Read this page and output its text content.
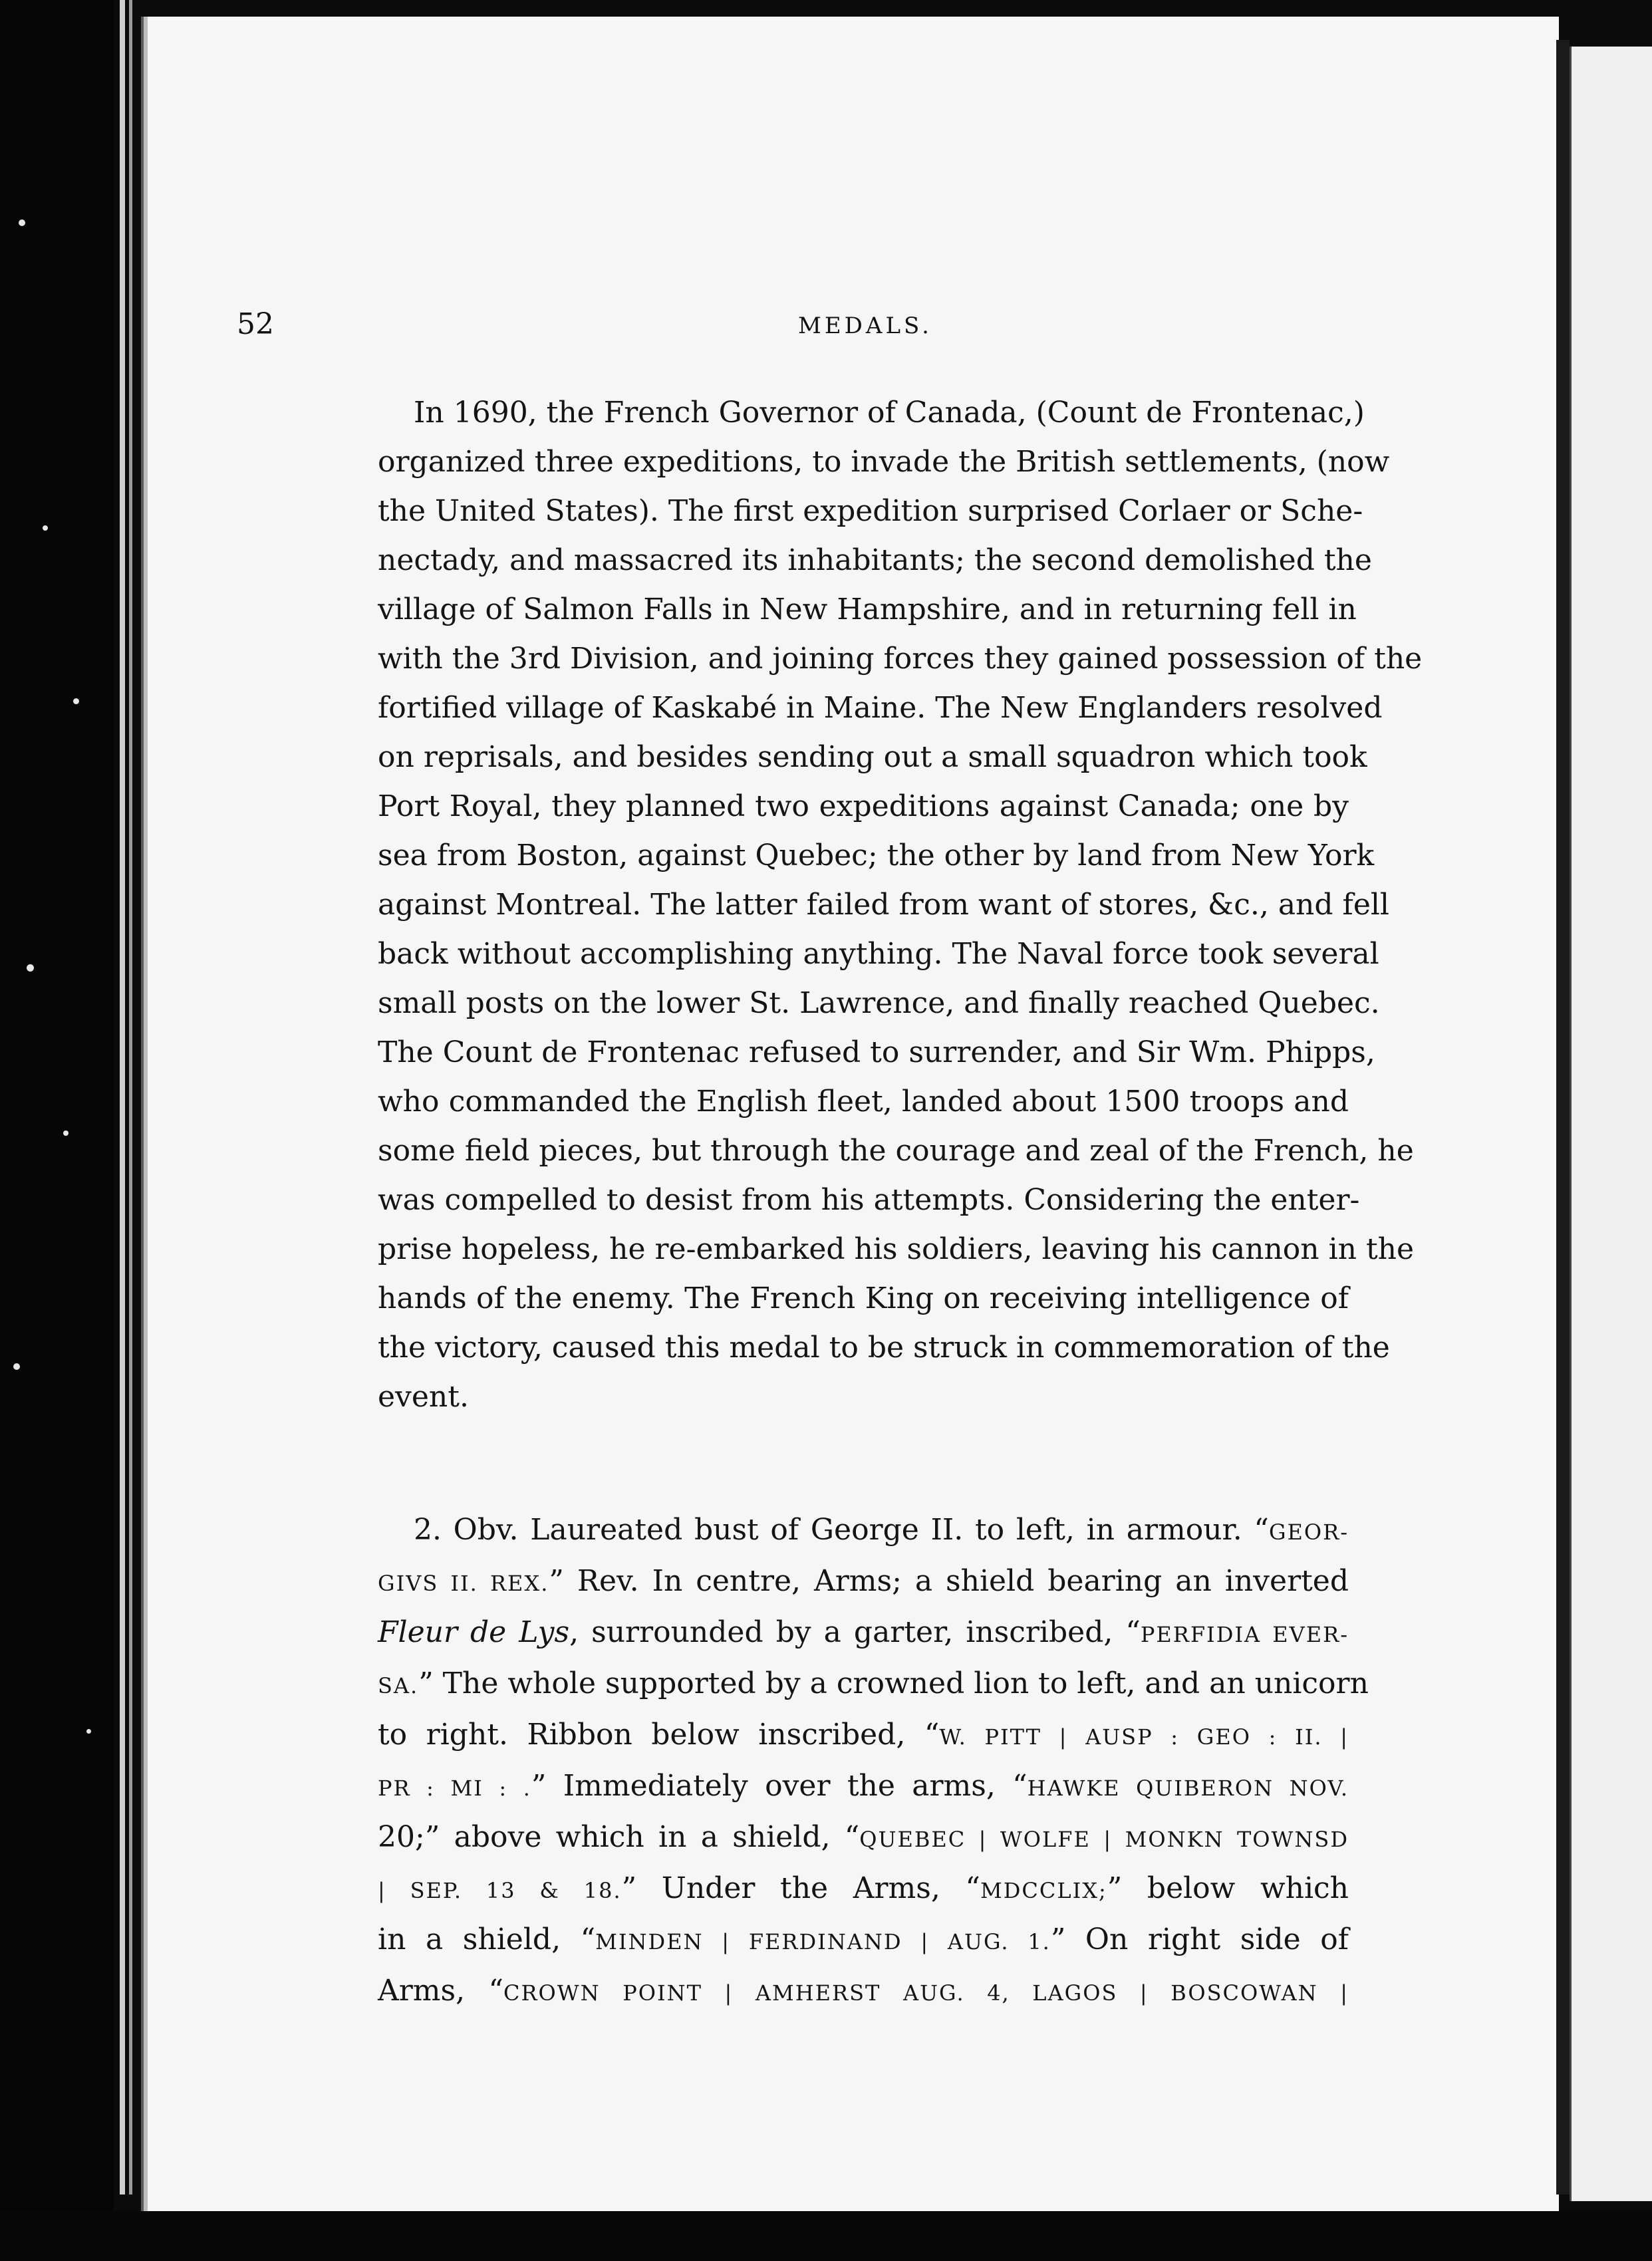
52	MEDALS.
In 1690, the French Governor of Canada, (Count de Frontenac,)
organized three expeditions, to invade the British settlements, (now
the United States). The first expedition surprised Corlaer or Sche-
nectady, and massacred its inhabitants; the second demolished the
village of Salmon Falls in New Hampshire, and in returning fell in
with the 3rd Division, and joining forces they gained possession of the
fortified village of Kaskabé in Maine. The New Englanders resolved
on reprisals, and besides sending out a small squadron which took
Port Royal, they planned two expeditions against Canada; one by
sea from Boston, against Quebec; the other by land from New York
against Montreal. The latter failed from want of stores, &c., and fell
back without accomplishing anything. The Naval force took several
small posts on the lower St. Lawrence, and finally reached Quebec.
The Count de Frontenac refused to surrender, and Sir Wm. Phipps,
who commanded the English fleet, landed about 1500 troops and
some field pieces, but through the courage and zeal of the French, he
was compelled to desist from his attempts. Considering the enter-
prise hopeless, he re-embarked his soldiers, leaving his cannon in the
hands of the enemy. The French King on receiving intelligence of
the victory, caused this medal to be struck in commemoration of the
event.
2. Obv. Laureated bust of George II. to left, in armour. “GEOR-
GIVS II. REX.” Rev. In centre, Arms; a shield bearing an inverted
Fleur de Lys, surrounded by a garter, inscribed, “PERFIDIA EVER-
SA.” The whole supported by a crowned lion to left, and an unicorn
to right. Ribbon below inscribed, “W. PITT | AUSP : GEO : II. |
PR : MI : .” Immediately over the arms, “HAWKE QUIBERON NOV.
20;” above which in a shield, “QUEBEC | WOLFE | MONKN TOWNSD
| SEP. 13 & 18.” Under the Arms, “MDCCLIX;” below which
in a shield, “MINDEN | FERDINAND | AUG. 1.” On right side of
Arms, “CROWN POINT | AMHERST AUG. 4, LAGOS | BOSCOWAN |
